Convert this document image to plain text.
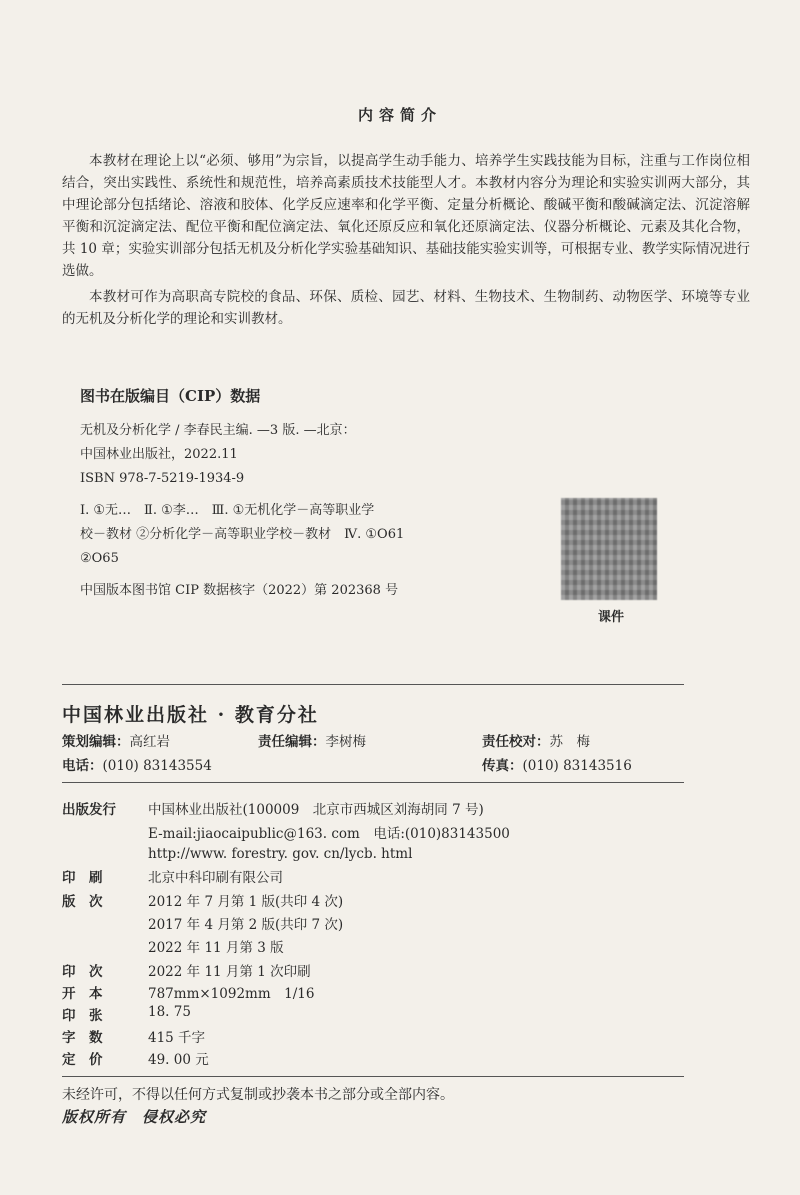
内容简介
本教材在理论上以“必须、够用”为宗旨，以提高学生动手能力、培养学生实践技能为目标，注重与工作岗位相结合，突出实践性、系统性和规范性，培养高素质技术技能型人才。本教材内容分为理论和实验实训两大部分，其中理论部分包括绪论、溶液和胶体、化学反应速率和化学平衡、定量分析概论、酸碱平衡和酸碱滴定法、沉淀溶解平衡和沉淀滴定法、配位平衡和配位滴定法、氧化还原反应和氧化还原滴定法、仪器分析概论、元素及其化合物，共 10 章；实验实训部分包括无机及分析化学实验基础知识、基础技能实验实训等，可根据专业、教学实际情况进行选做。
本教材可作为高职高专院校的食品、环保、质检、园艺、材料、生物技术、生物制药、动物医学、环境等专业的无机及分析化学的理论和实训教材。
图书在版编目（CIP）数据
无机及分析化学 / 李春民主编. —3 版. —北京：
中国林业出版社，2022.11
ISBN 978-7-5219-1934-9
Ⅰ. ①无…　Ⅱ. ①李…　Ⅲ. ①无机化学－高等职业学
校－教材 ②分析化学－高等职业学校－教材　Ⅳ. ①O61
②O65
中国版本图书馆 CIP 数据核字（2022）第 202368 号
课件
中国林业出版社 · 教育分社
策划编辑：高红岩	责任编辑：李树梅	责任校对：苏　梅
电话：(010) 83143554	传真：(010) 83143516
出版发行	中国林业出版社(100009　北京市西城区刘海胡同 7 号)
E-mail:jiaocaipublic@163. com　电话:(010)83143500
http://www. forestry. gov. cn/lycb. html
印　刷	北京中科印刷有限公司
版　次	2012 年 7 月第 1 版(共印 4 次)
2017 年 4 月第 2 版(共印 7 次)
2022 年 11 月第 3 版
印　次	2022 年 11 月第 1 次印刷
开　本	787mm×1092mm　1/16
印　张	18. 75
字　数	415 千字
定　价	49. 00 元
未经许可，不得以任何方式复制或抄袭本书之部分或全部内容。
版权所有　侵权必究
